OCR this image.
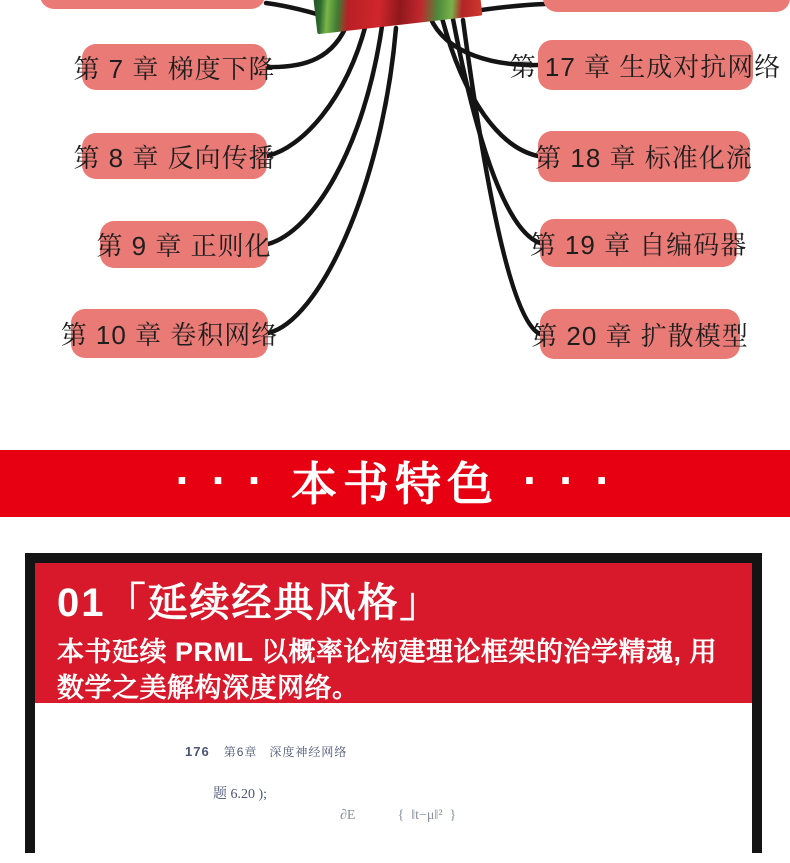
第 7 章 梯度下降
第 8 章 反向传播
第 9 章 正则化
第 10 章 卷积网络
第 17 章 生成对抗网络
第 18 章 标准化流
第 19 章 自编码器
第 20 章 扩散模型
· · · 本书特色 · · ·
01「延续经典风格」

本书延续 PRML 以概率论构建理论框架的治学精魂, 用数学之美解构深度网络。

176 第6章 深度神经网络
题 6.20 );
∂E            {  ‖t−μ‖²  }
